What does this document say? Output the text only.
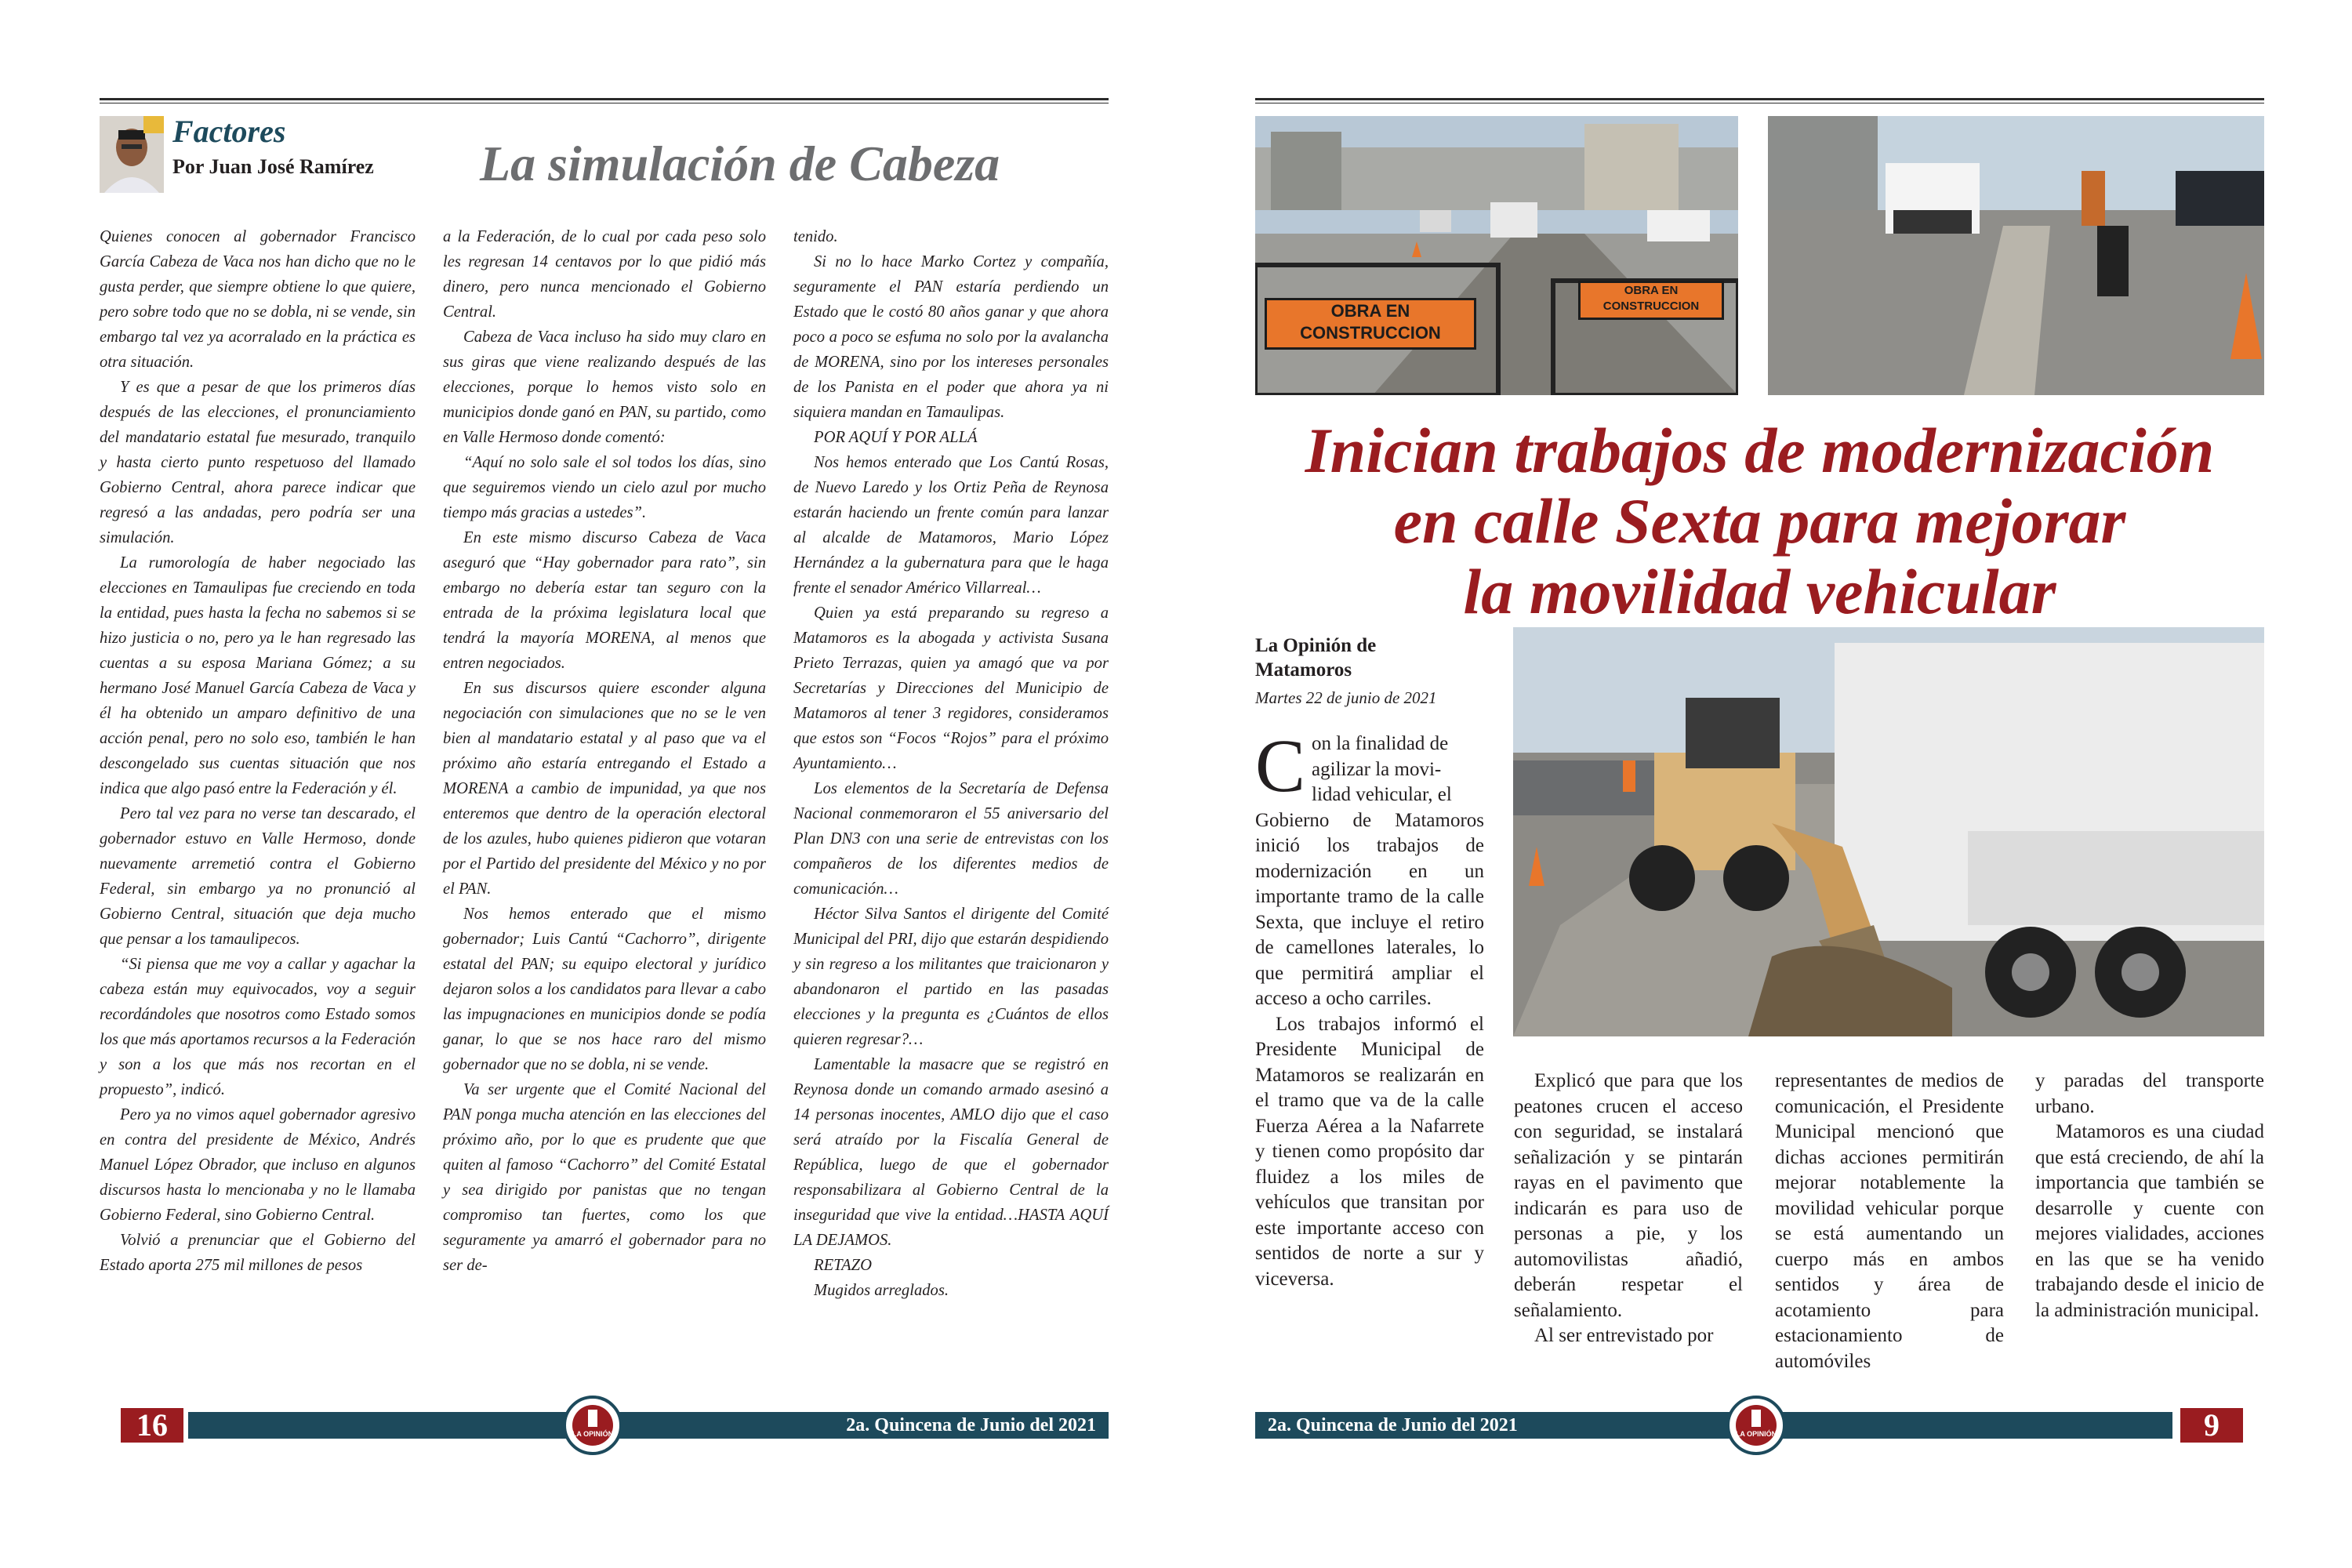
Factores
Por Juan José Ramírez La simulación de Cabeza

Quienes conocen al gobernador Francisco García Cabeza de Vaca nos han dicho que no le gusta perder, que siempre obtiene lo que quiere, pero sobre todo que no se dobla, ni se vende, sin embargo tal vez ya acorralado en la práctica es otra situación.

Y es que a pesar de que los primeros días después de las elecciones, el pronunciamiento del mandatario estatal fue mesurado, tranquilo y hasta cierto punto respetuoso del llamado Gobierno Central, ahora parece indicar que regresó a las andadas, pero podría ser una simulación.

La rumorología de haber negociado las elecciones en Tamaulipas fue creciendo en toda la entidad, pues hasta la fecha no sabemos si se hizo justicia o no, pero ya le han regresado las cuentas a su esposa Mariana Gómez; a su hermano José Manuel García Cabeza de Vaca y él ha obtenido un amparo definitivo de una acción penal, pero no solo eso, también le han descongelado sus cuentas situación que nos indica que algo pasó entre la Federación y él.

Pero tal vez para no verse tan descarado, el gobernador estuvo en Valle Hermoso, donde nuevamente arremetió contra el Gobierno Federal, sin embargo ya no pronunció al Gobierno Central, situación que deja mucho que pensar a los tamaulipecos.

“Si piensa que me voy a callar y agachar la cabeza están muy equivocados, voy a seguir recordándoles que nosotros como Estado somos los que más aportamos recursos a la Federación y son a los que más nos recortan en el propuesto”, indicó.

Pero ya no vimos aquel gobernador agresivo en contra del presidente de México, Andrés Manuel López Obrador, que incluso en algunos discursos hasta lo mencionaba y no le llamaba Gobierno Federal, sino Gobierno Central.

Volvió a prenunciar que el Gobierno del Estado aporta 275 mil millones de pesos

a la Federación, de lo cual por cada peso solo les regresan 14 centavos por lo que pidió más dinero, pero nunca mencionado el Gobierno Central.

Cabeza de Vaca incluso ha sido muy claro en sus giras que viene realizando después de las elecciones, porque lo hemos visto solo en municipios donde ganó en PAN, su partido, como en Valle Hermoso donde comentó:

“Aquí no solo sale el sol todos los días, sino que seguiremos viendo un cielo azul por mucho tiempo más gracias a ustedes”.

En este mismo discurso Cabeza de Vaca aseguró que “Hay gobernador para rato”, sin embargo no debería estar tan seguro con la entrada de la próxima legislatura local que tendrá la mayoría MORENA, al menos que entren negociados.

En sus discursos quiere esconder alguna negociación con simulaciones que no se le ven bien al mandatario estatal y al paso que va el próximo año estaría entregando el Estado a MORENA a cambio de impunidad, ya que nos enteremos que dentro de la operación electoral de los azules, hubo quienes pidieron que votaran por el Partido del presidente del México y no por el PAN.

Nos hemos enterado que el mismo gobernador; Luis Cantú “Cachorro”, dirigente estatal del PAN; su equipo electoral y jurídico dejaron solos a los candidatos para llevar a cabo las impugnaciones en municipios donde se podía ganar, lo que se nos hace raro del mismo gobernador que no se dobla, ni se vende.

Va ser urgente que el Comité Nacional del PAN ponga mucha atención en las elecciones del próximo año, por lo que es prudente que que quiten al famoso “Cachorro” del Comité Estatal y sea dirigido por panistas que no tengan compromiso tan fuertes, como los que seguramente ya amarró el gobernador para no ser de-

tenido.

Si no lo hace Marko Cortez y compañía, seguramente el PAN estaría perdiendo un Estado que le costó 80 años ganar y que ahora poco a poco se esfuma no solo por la avalancha de MORENA, sino por los intereses personales de los Panista en el poder que ahora ya ni siquiera mandan en Tamaulipas.

POR AQUÍ Y POR ALLÁ

Nos hemos enterado que Los Cantú Rosas, de Nuevo Laredo y los Ortiz Peña de Reynosa estarán haciendo un frente común para lanzar al alcalde de Matamoros, Mario López Hernández a la gubernatura para que le haga frente el senador Américo Villarreal…

Quien ya está preparando su regreso a Matamoros es la abogada y activista Susana Prieto Terrazas, quien ya amagó que va por Secretarías y Direcciones del Municipio de Matamoros al tener 3 regidores, consideramos que estos son “Focos “Rojos” para el próximo Ayuntamiento…

Los elementos de la Secretaría de Defensa Nacional conmemoraron el 55 aniversario del Plan DN3 con una serie de entrevistas con los compañeros de los diferentes medios de comunicación…

Héctor Silva Santos el dirigente del Comité Municipal del PRI, dijo que estarán despidiendo y sin regreso a los militantes que traicionaron y abandonaron el partido en las pasadas elecciones y la pregunta es ¿Cuántos de ellos quieren regresar?…

Lamentable la masacre que se registró en Reynosa donde un comando armado asesinó a 14 personas inocentes, AMLO dijo que el caso será atraído por la Fiscalía General de República, luego de que el gobernador responsabilizara al Gobierno Central de la inseguridad que vive la entidad…HASTA AQUÍ LA DEJAMOS.

RETAZO

Mugidos arreglados.

16	2a. Quincena de Junio del 2021
LA OPINIÓN
OBRA EN CONSTRUCCION
OBRA EN CONSTRUCCION
Inician trabajos de modernización
en calle Sexta para mejorar
la movilidad vehicular
La Opinión de
Matamoros
Martes 22 de junio de 2021
C on la finalidad de
agilizar la movi-
lidad vehicular, el
Gobierno de Matamoros inició los trabajos de modernización en un importante tramo de la calle Sexta, que incluye el retiro de camellones laterales, lo que permitirá ampliar el acceso a ocho carriles.

Los trabajos informó el Presidente Municipal de Matamoros se realizarán en el tramo que va de la calle Fuerza Aérea a la Nafarrete y tienen como propósito dar fluidez a los miles de vehículos que transitan por este importante acceso con sentidos de norte a sur y viceversa.

Explicó que para que los peatones crucen el acceso con seguridad, se instalará señalización y se pintarán rayas en el pavimento que indicarán es para uso de personas a pie, y los automovilistas añadió, deberán respetar el señalamiento.

Al ser entrevistado por

representantes de medios de comunicación, el Presidente Municipal mencionó que dichas acciones permitirán mejorar notablemente la movilidad vehicular porque se está aumentando un cuerpo más en ambos sentidos y área de acotamiento para estacionamiento de automóviles

y paradas del transporte urbano.

Matamoros es una ciudad que está creciendo, de ahí la importancia que también se desarrolle y cuente con mejores vialidades, acciones en las que se ha venido trabajando desde el inicio de la administración municipal.

2a. Quincena de Junio del 2021	9
LA OPINIÓN
